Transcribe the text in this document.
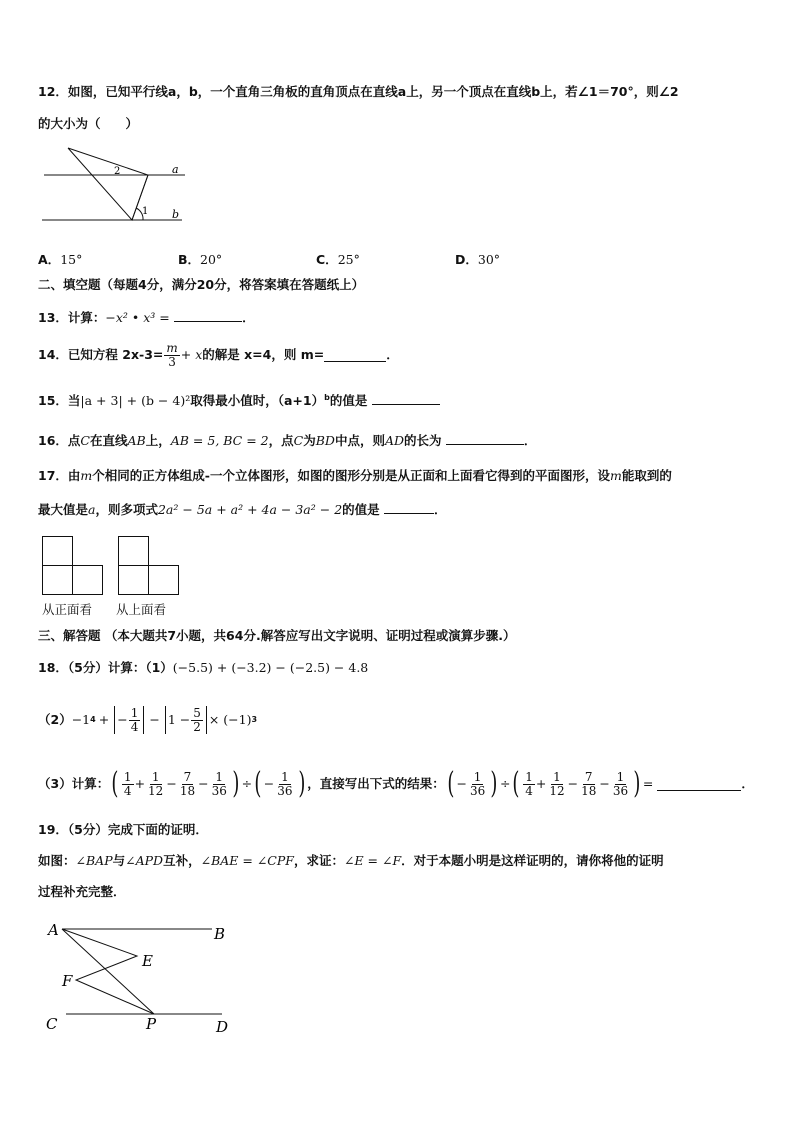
12．如图，已知平行线a，b，一个直角三角板的直角顶点在直线a上，另一个顶点在直线b上，若∠1＝70°，则∠2
的大小为（　　）
a
b
1
2
A．15°	B．20°	C．25°	D．30°
二、填空题（每题4分，满分20分，将答案填在答题纸上）
13．计算：−x² • x³ =	．
14．已知方程 $2x-3= \frac{m}{3} + x$ 的解是 x=4，则 m=	．
15．当|a + 3| + (b − 4)²取得最小值时，$(a+1)^b$的值是
16．点C在直线AB上，AB = 5, BC = 2，点C为BD中点，则AD的长为	．
17．由m个相同的正方体组成-一个立体图形，如图的图形分别是从正面和上面看它得到的平面图形，设m能取到的
最大值是a，则多项式2a² − 5a + a² + 4a − 3a² − 2的值是	．
从正面看 从上面看
三、解答题 （本大题共7小题，共64分.解答应写出文字说明、证明过程或演算步骤.）
18．（5分）计算：（1）(−5.5) + (−3.2) − (−2.5) − 4.8
（2） −1 4 + − $\frac{1}{4} - 1 - \frac{5}{2} \times (-1)$ 3
（3）计算： ( $\frac{1}{4} + \frac{1}{12} - \frac{7}{18} - \frac{1}{36}$ ) ÷ ( − $\frac{1}{36}$ ) ，直接写出下式的结果： ( − $\frac{1}{36}$ ) ÷ ( $\frac{1}{4} + \frac{1}{12} - \frac{7}{18} - \frac{1}{36}$ ) =	．
19．（5分）完成下面的证明．
如图：∠BAP与∠APD互补，∠BAE = ∠CPF，求证：∠E = ∠F．对于本题小明是这样证明的，请你将他的证明
过程补充完整．
A	B
E
F
C	P	D
